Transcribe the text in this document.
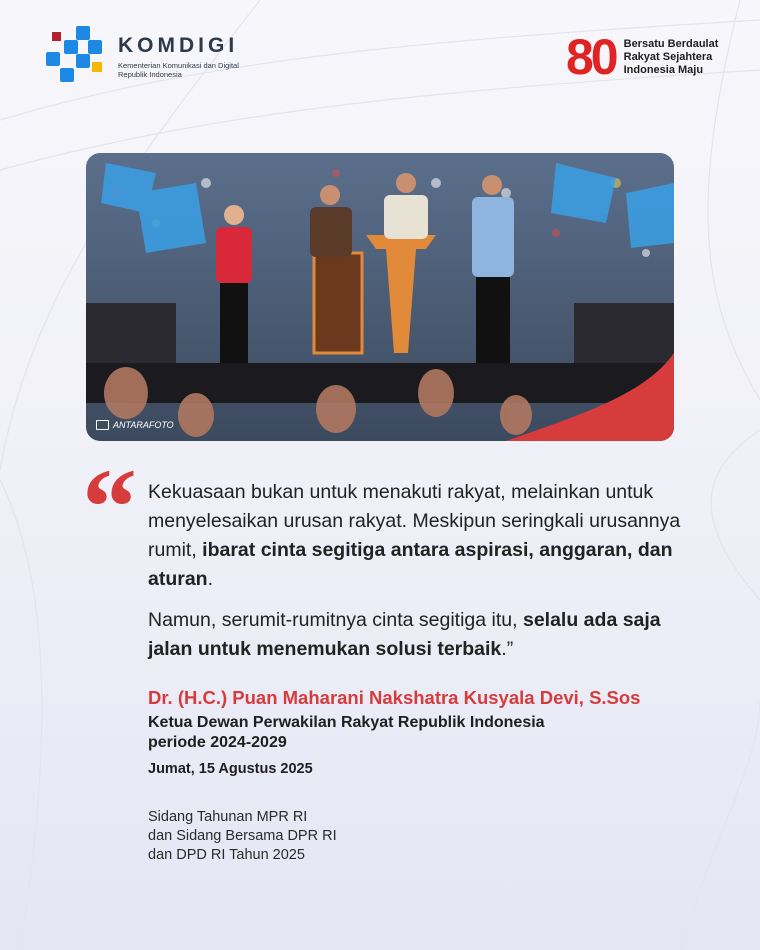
KOMDIGI
Kementerian Komunikasi dan Digital
Republik Indonesia	80 Bersatu Berdaulat
Rakyat Sejahtera
Indonesia Maju
ANTARAFOTO
“ Kekuasaan bukan untuk menakuti rakyat, melainkan untuk menyelesaikan urusan rakyat. Meskipun seringkali urusannya rumit, ibarat cinta segitiga antara aspirasi, anggaran, dan aturan.

Namun, serumit-rumitnya cinta segitiga itu, selalu ada saja jalan untuk menemukan solusi terbaik.”

Dr. (H.C.) Puan Maharani Nakshatra Kusyala Devi, S.Sos
Ketua Dewan Perwakilan Rakyat Republik Indonesia
periode 2024-2029
Jumat, 15 Agustus 2025
Sidang Tahunan MPR RI
dan Sidang Bersama DPR RI
dan DPD RI Tahun 2025
